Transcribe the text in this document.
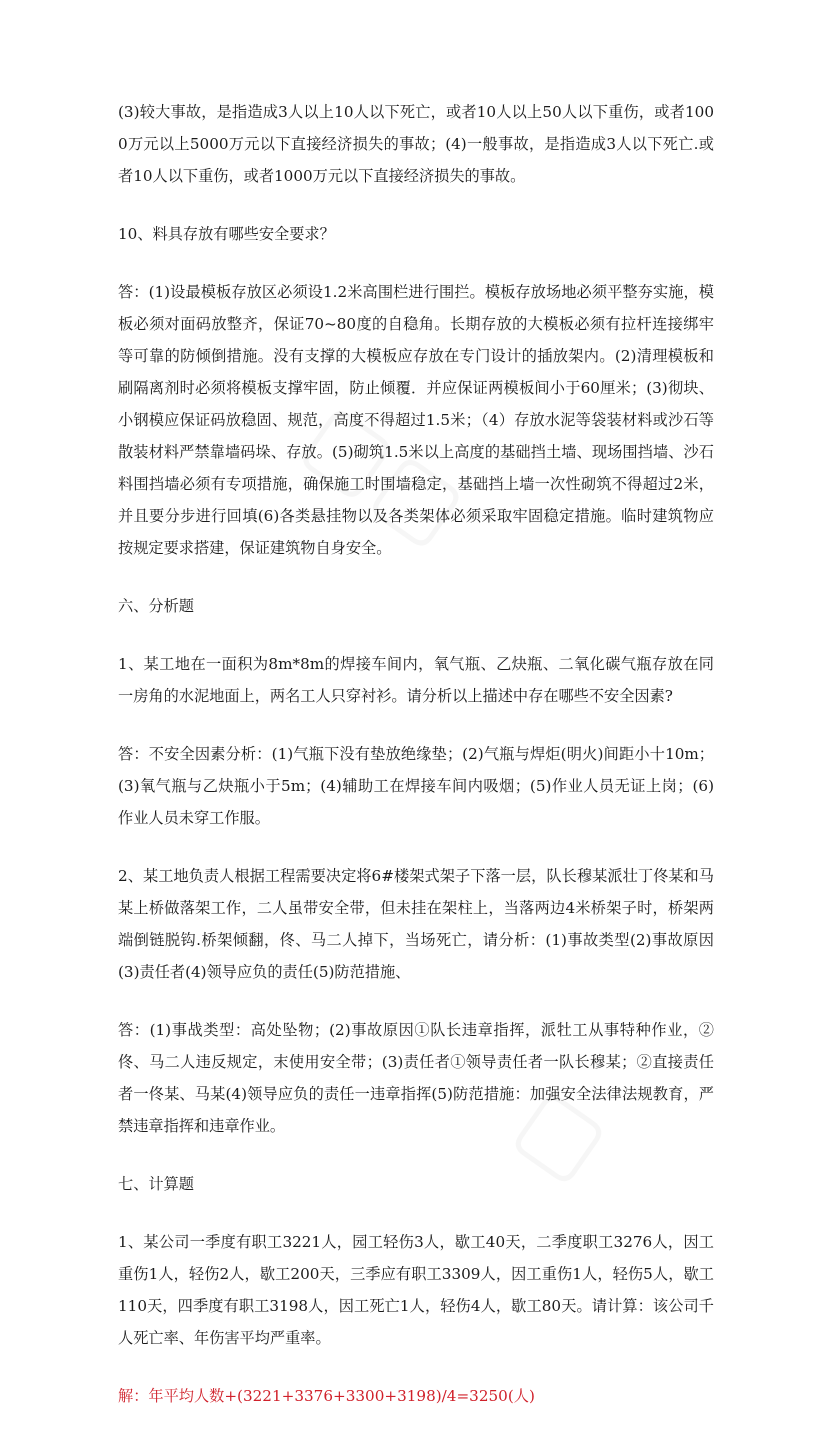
(3)较大事故，是指造成3人以上10人以下死亡，或者10人以上50人以下重伤，或者1000万元以上5000万元以下直接经济损失的事故；(4)一般事故，是指造成3人以下死亡.或者10人以下重伤，或者1000万元以下直接经济损失的事故。

10、料具存放有哪些安全要求？

答：(1)设最模板存放区必须设1.2米高围栏进行围拦。模板存放场地必须平整夯实施，模板必须对面码放整齐，保证70~80度的自稳角。长期存放的大模板必须有拉杆连接绑牢等可靠的防倾倒措施。没有支撑的大模板应存放在专门设计的插放架内。(2)清理模板和刷隔离剂时必须将模板支撑牢固，防止倾覆．并应保证两模板间小于60厘米；(3)彻块、小钢模应保证码放稳固、规范，高度不得超过1.5米；（4）存放水泥等袋装材料或沙石等散装材料严禁靠墙码垛、存放。(5)砌筑1.5米以上高度的基础挡土墙、现场围挡墙、沙石料围挡墙必须有专项措施，确保施工时围墙稳定，基础挡上墙一次性砌筑不得超过2米，并且要分步进行回填(6)各类悬挂物以及各类架体必须采取牢固稳定措施。临时建筑物应按规定要求搭建，保证建筑物自身安全。

六、分析题

1、某工地在一面积为8m*8m的焊接车间内，氧气瓶、乙炔瓶、二氧化碳气瓶存放在同一房角的水泥地面上，两名工人只穿衬衫。请分析以上描述中存在哪些不安全因素?

答：不安全因素分析：(1)气瓶下没有垫放绝缘垫；(2)气瓶与焊炬(明火)间距小十10m；(3)氧气瓶与乙炔瓶小于5m；(4)辅助工在焊接车间内吸烟；(5)作业人员无证上岗；(6)作业人员未穿工作服。

2、某工地负责人根据工程需要决定将6#楼架式架子下落一层，队长穆某派壮丁佟某和马某上桥做落架工作，二人虽带安全带，但未挂在架柱上，当落两边4米桥架子时，桥架两端倒链脱钩.桥架倾翻，佟、马二人掉下，当场死亡，请分析：(1)事故类型(2)事故原因(3)责任者(4)领导应负的责任(5)防范措施、

答：(1)事战类型：高处坠物；(2)事故原因①队长违章指挥，派牡工从事特种作业，②佟、马二人违反规定，末使用安全带；(3)责任者①领导责任者一队长穆某；②直接责任者一佟某、马某(4)领导应负的责任一违章指挥(5)防范措施：加强安全法律法规教育，严禁违章指挥和违章作业。

七、计算题

1、某公司一季度有职工3221人，园工轻伤3人，歇工40天，二季度职工3276人，因工重伤1人，轻伤2人，歇工200天，三季应有职工3309人，因工重伤1人，轻伤5人，歇工110天，四季度有职工3198人，因工死亡1人，轻伤4人，歇工80天。请计算：该公司千人死亡率、年伤害平均严重率。

解：年平均人数+(3221+3376+3300+3198)/4=3250(人)
